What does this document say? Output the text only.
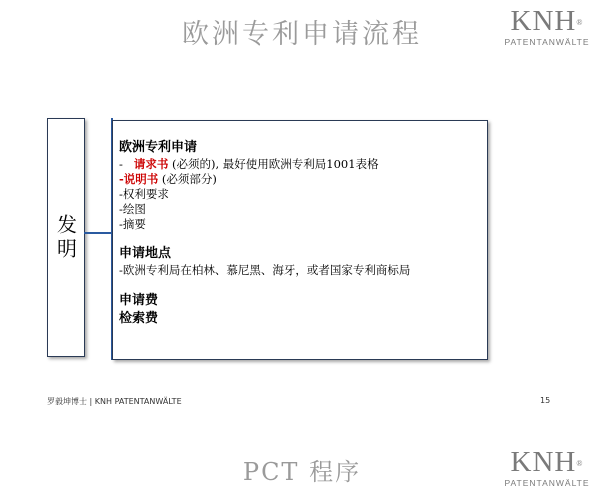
欧洲专利申请流程	KNH®
PATENTANWÄLTE
发明
欧洲专利申请
- 请求书 (必须的), 最好使用欧洲专利局1001表格
-说明书 (必须部分)
-权利要求
-绘图
-摘要
申请地点
-欧洲专利局在柏林、慕尼黑、海牙，或者国家专利商标局
申请费
检索费
罗毅坤博士 | KNH PATENTANWÄLTE	15
PCT 程序	KNH®
PATENTANWÄLTE
